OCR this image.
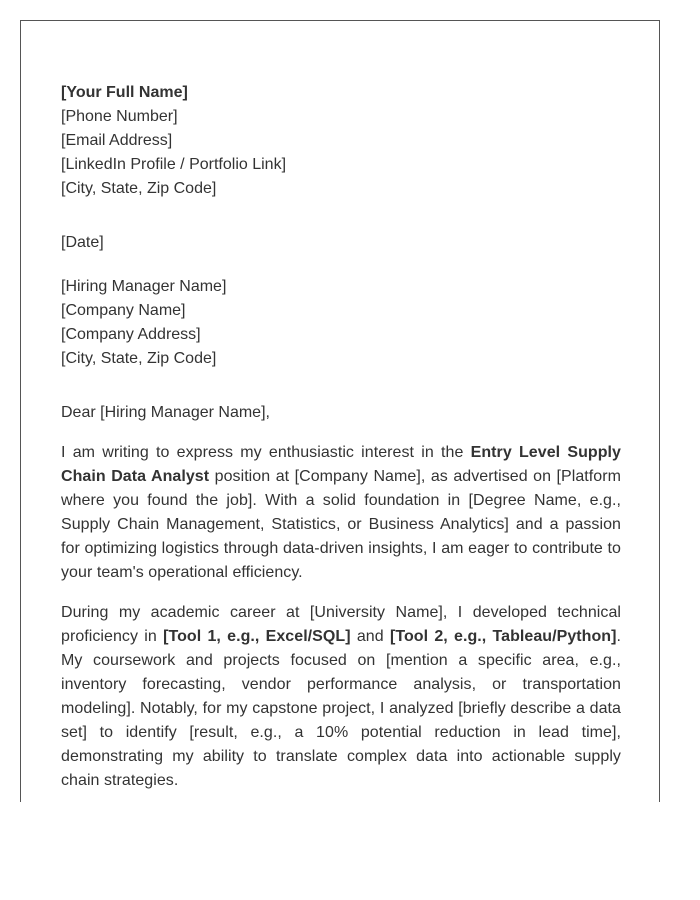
[Your Full Name]
[Phone Number]
[Email Address]
[LinkedIn Profile / Portfolio Link]
[City, State, Zip Code]
[Date]
[Hiring Manager Name]
[Company Name]
[Company Address]
[City, State, Zip Code]
Dear [Hiring Manager Name],

I am writing to express my enthusiastic interest in the Entry Level Supply Chain Data Analyst position at [Company Name], as advertised on [Platform where you found the job]. With a solid foundation in [Degree Name, e.g., Supply Chain Management, Statistics, or Business Analytics] and a passion for optimizing logistics through data-driven insights, I am eager to contribute to your team's operational efficiency.

During my academic career at [University Name], I developed technical proficiency in [Tool 1, e.g., Excel/SQL] and [Tool 2, e.g., Tableau/Python]. My coursework and projects focused on [mention a specific area, e.g., inventory forecasting, vendor performance analysis, or transportation modeling]. Notably, for my capstone project, I analyzed [briefly describe a data set] to identify [result, e.g., a 10% potential reduction in lead time], demonstrating my ability to translate complex data into actionable supply chain strategies.
